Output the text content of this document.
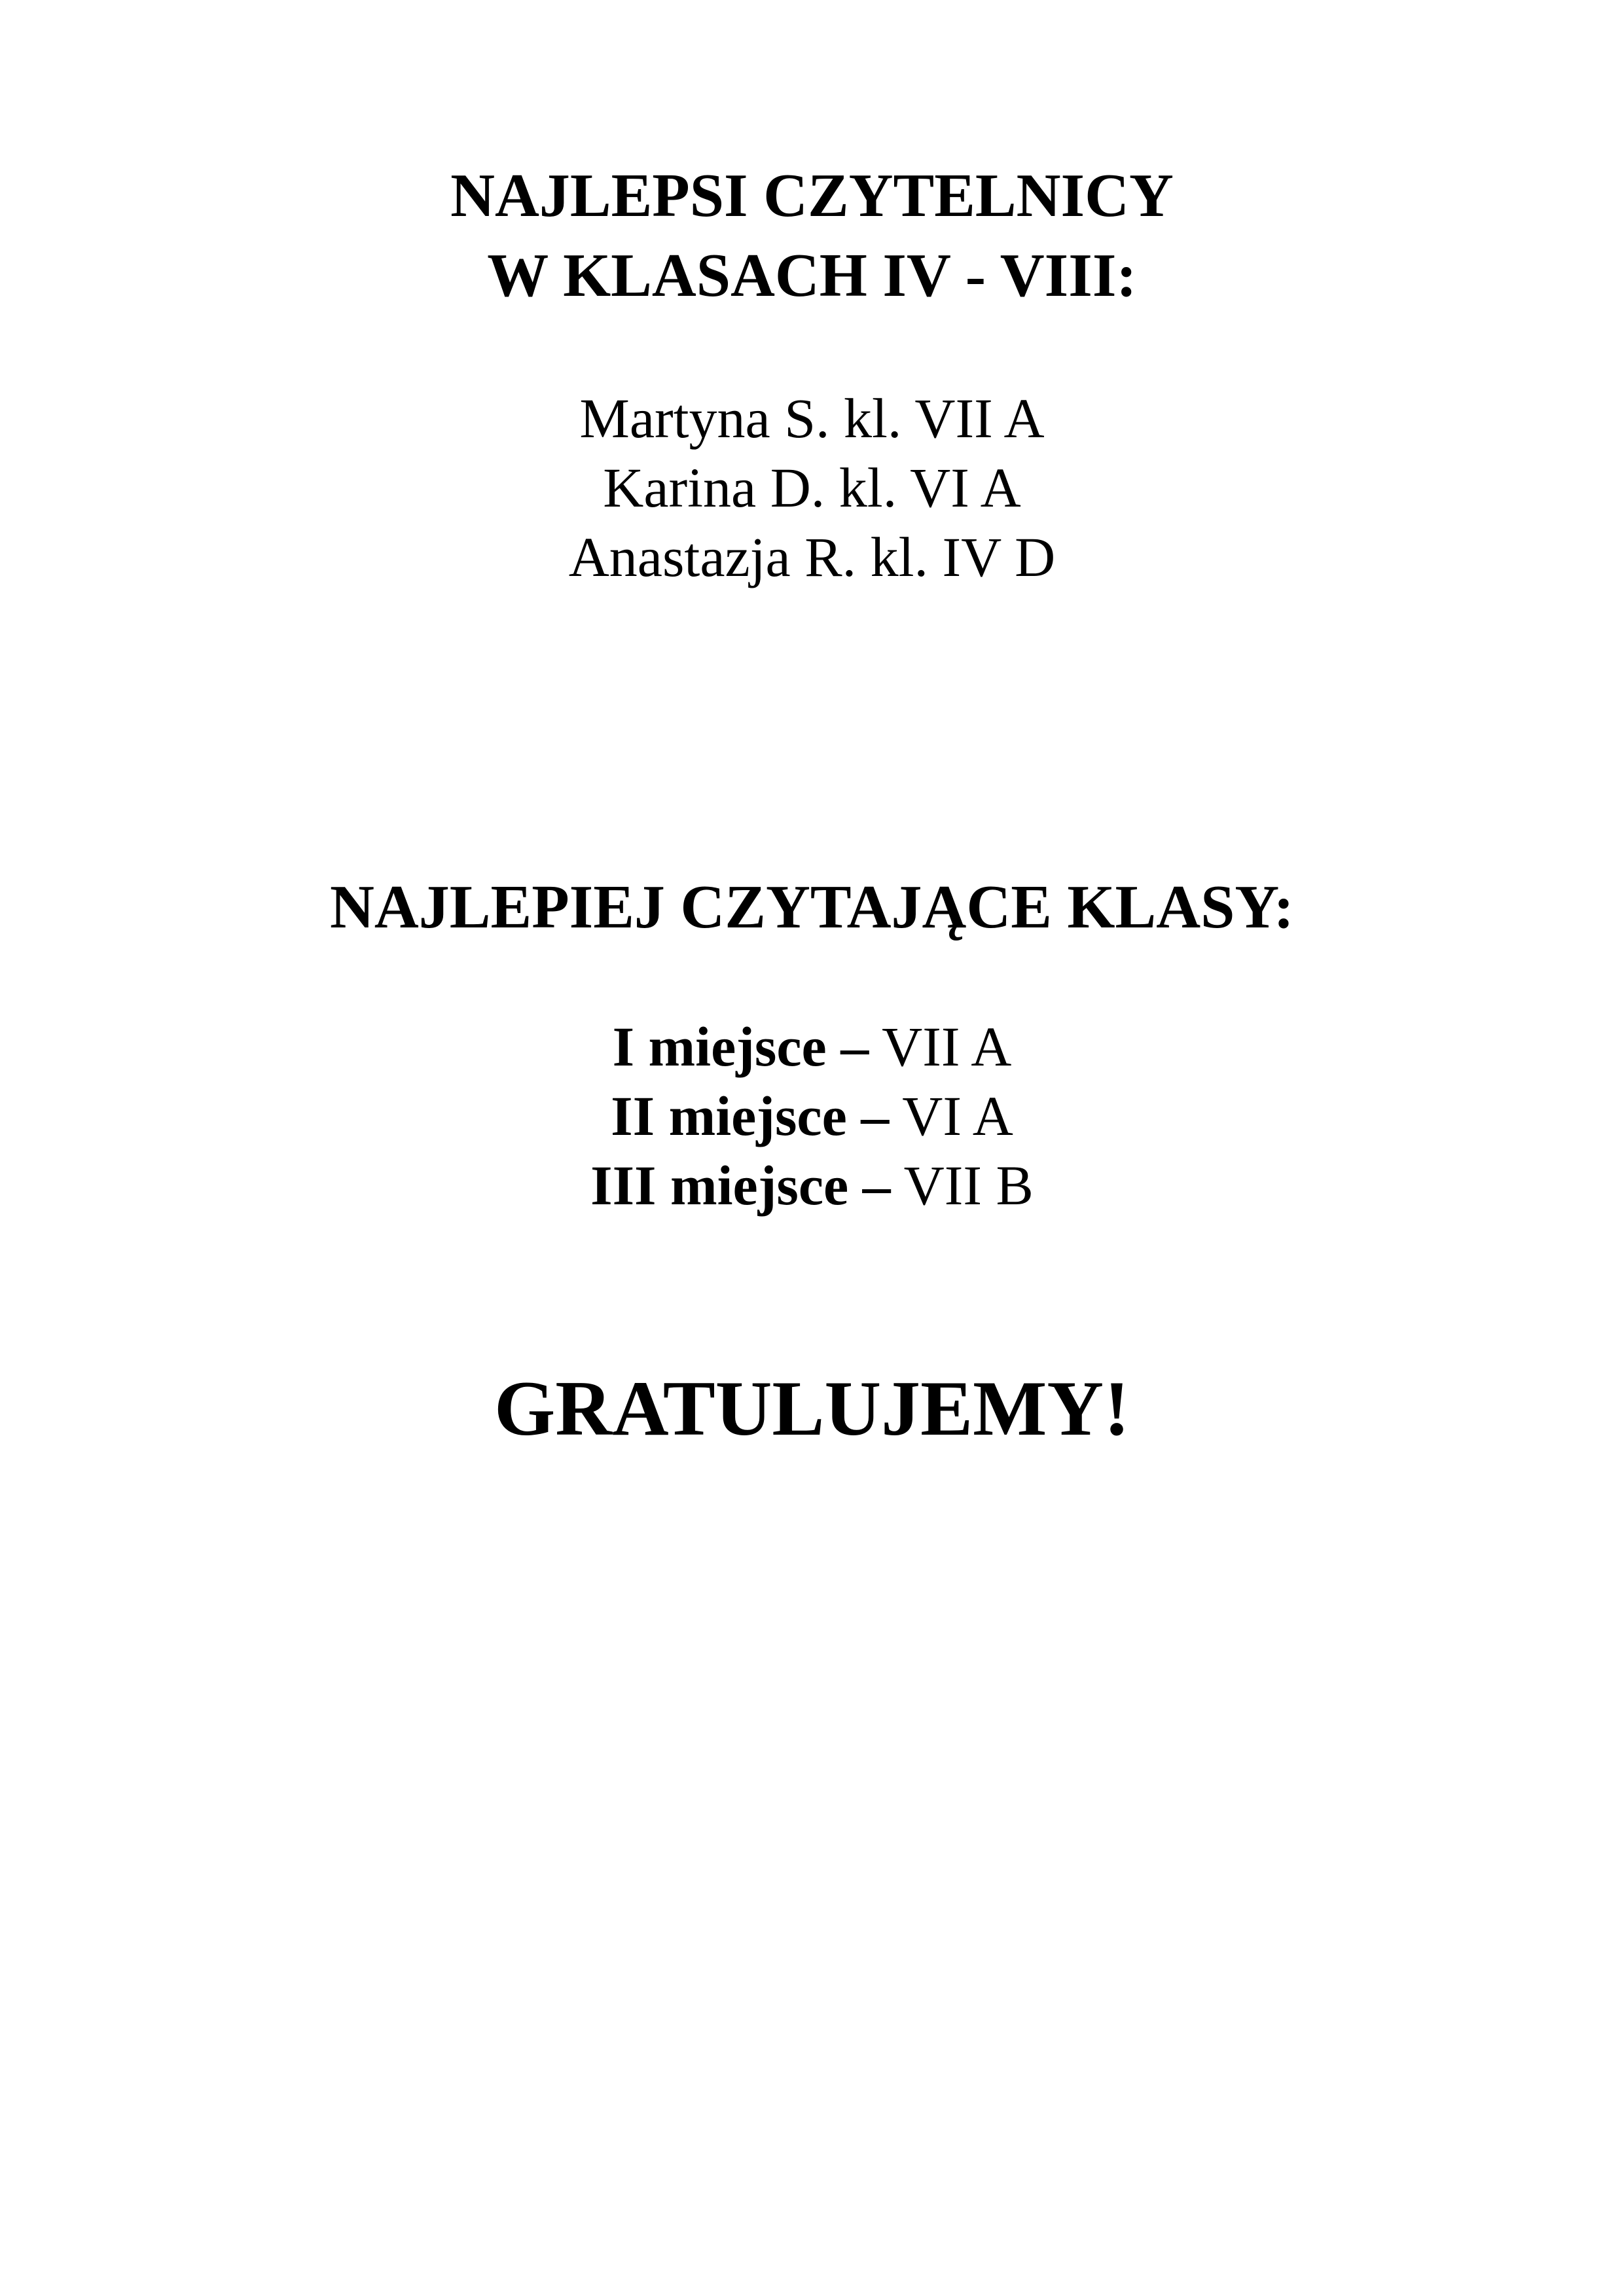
NAJLEPSI CZYTELNICY
W KLASACH IV - VIII:
Martyna S. kl. VII A
Karina D. kl. VI A
Anastazja R. kl. IV D
NAJLEPIEJ CZYTAJĄCE KLASY:
I miejsce – VII A
II miejsce – VI A
III miejsce – VII B
GRATULUJEMY!
